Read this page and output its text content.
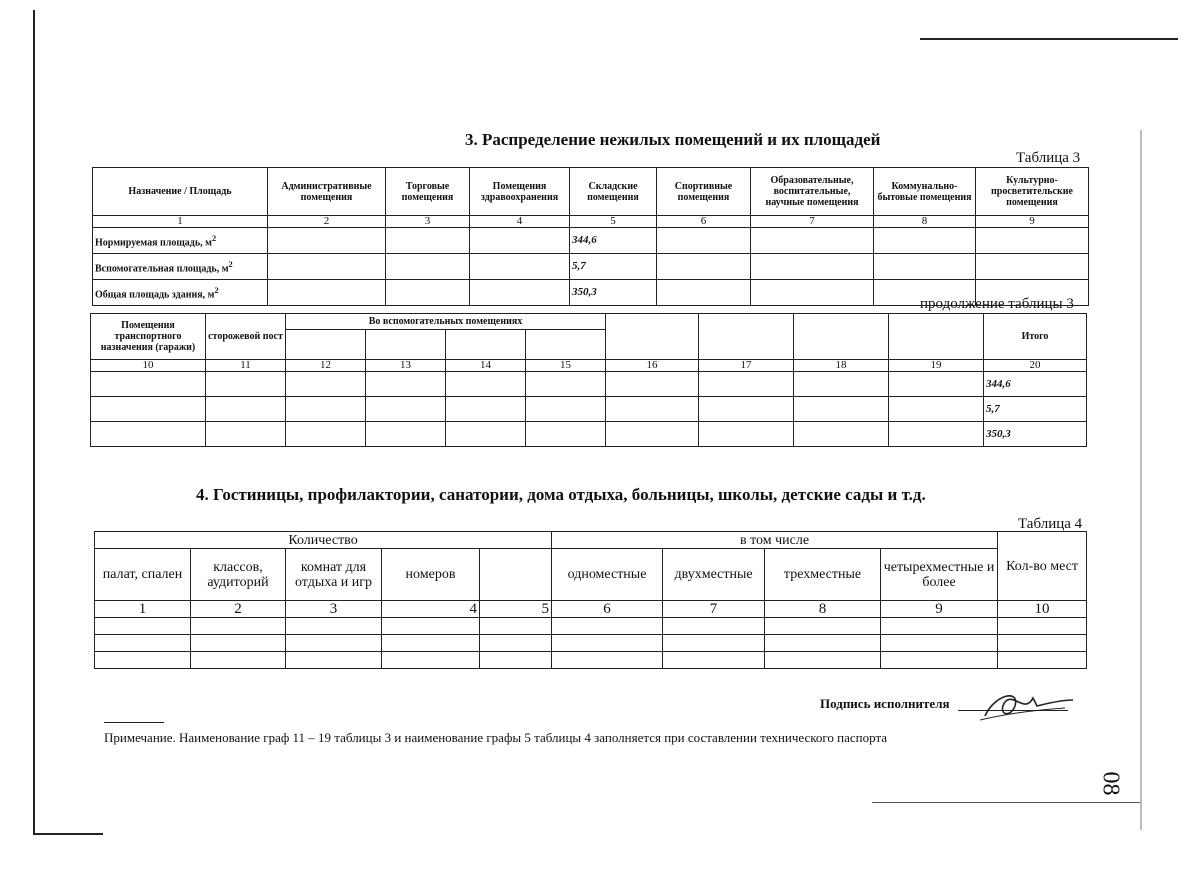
3. Распределение нежилых помещений и их площадей
Таблица 3
Назначение / Площадь	Административные помещения	Торговые помещения	Помещения здравоохранения	Складские помещения	Спортивные помещения	Образовательные, воспитательные, научные помещения	Коммунально-бытовые помещения	Культурно-просветительские помещения
1	2	3	4	5	6	7	8	9
Нормируемая площадь, $м^2$				344,6				
Вспомогательная площадь, $м^2$				5,7				
Общая площадь здания, $м^2$				350,3				
продолжение таблицы 3
Помещения транспортного назначения (гаражи)	сторожевой пост	Во вспомогательных помещениях								Итого

10	11	12	13	14	15	16	17	18	19	20
										344,6
										5,7
										350,3
4. Гостиницы, профилактории, санатории, дома отдыха, больницы, школы, детские сады и т.д.
Таблица 4
Количество					в том числе				Кол-во мест
палат, спален	классов, аудиторий	комнат для отдыха и игр	номеров		одноместные	двухместные	трехместные	четырехместные и более	
1	2	3	4	5	6	7	8	9	10

Подпись исполнителя
Примечание. Наименование граф 11 – 19 таблицы 3 и наименование графы 5 таблицы 4 заполняется при составлении технического паспорта
08
